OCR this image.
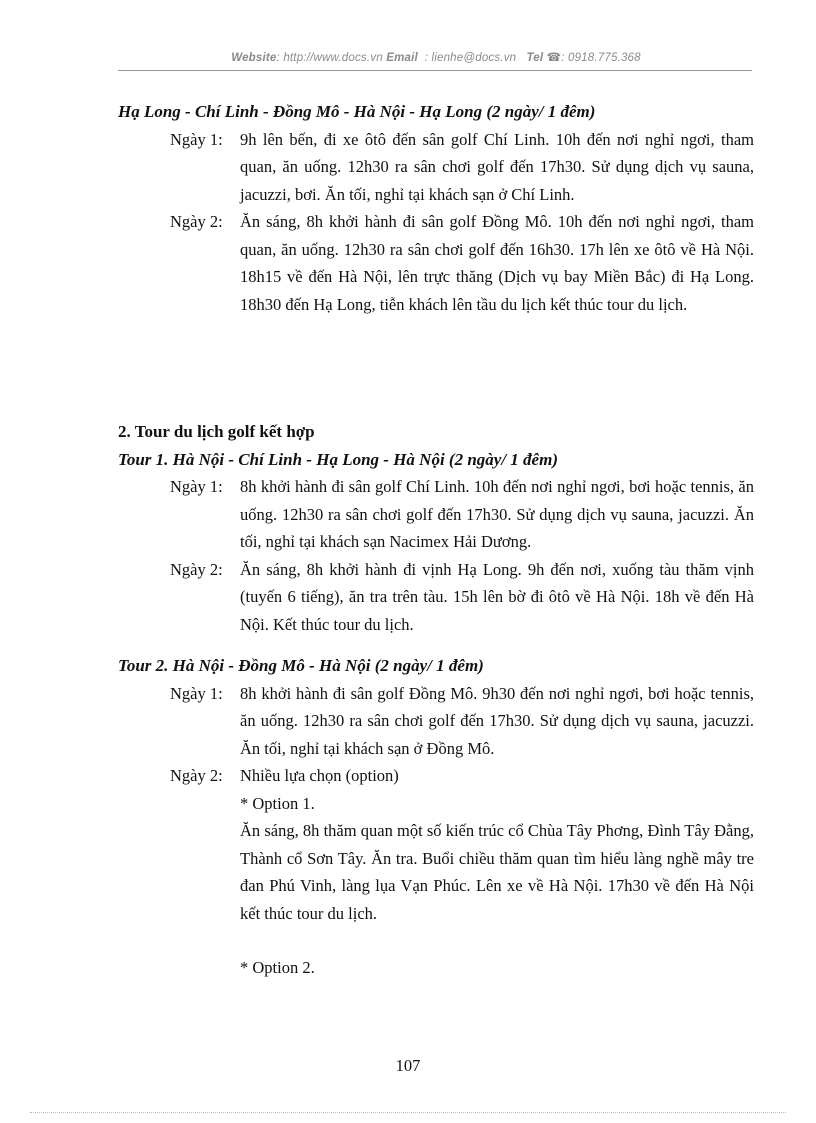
Website: http://www.docs.vn Email : lienhe@docs.vn Tel ☎: 0918.775.368

Hạ Long - Chí Linh - Đồng Mô - Hà Nội - Hạ Long (2 ngày/ 1 đêm)

Ngày 1: 9h lên bến, đi xe ôtô đến sân golf Chí Linh. 10h đến nơi nghỉ ngơi, tham quan, ăn uống. 12h30 ra sân chơi golf đến 17h30. Sử dụng dịch vụ sauna, jacuzzi, bơi. Ăn tối, nghỉ tại khách sạn ở Chí Linh.
Ngày 2: Ăn sáng, 8h khởi hành đi sân golf Đồng Mô. 10h đến nơi nghỉ ngơi, tham quan, ăn uống. 12h30 ra sân chơi golf đến 16h30. 17h lên xe ôtô về Hà Nội. 18h15 về đến Hà Nội, lên trực thăng (Dịch vụ bay Miền Bắc) đi Hạ Long. 18h30 đến Hạ Long, tiễn khách lên tầu du lịch kết thúc tour du lịch.

2. Tour du lịch golf kết hợp

Tour 1. Hà Nội - Chí Linh - Hạ Long - Hà Nội (2 ngày/ 1 đêm)

Ngày 1: 8h khởi hành đi sân golf Chí Linh. 10h đến nơi nghỉ ngơi, bơi hoặc tennis, ăn uống. 12h30 ra sân chơi golf đến 17h30. Sử dụng dịch vụ sauna, jacuzzi. Ăn tối, nghỉ tại khách sạn Nacimex Hải Dương.
Ngày 2: Ăn sáng, 8h khởi hành đi vịnh Hạ Long. 9h đến nơi, xuống tàu thăm vịnh (tuyến 6 tiếng), ăn tra trên tàu. 15h lên bờ đi ôtô về Hà Nội. 18h về đến Hà Nội. Kết thúc tour du lịch.

Tour 2. Hà Nội - Đồng Mô - Hà Nội (2 ngày/ 1 đêm)

Ngày 1: 8h khởi hành đi sân golf Đồng Mô. 9h30 đến nơi nghỉ ngơi, bơi hoặc tennis, ăn uống. 12h30 ra sân chơi golf đến 17h30. Sử dụng dịch vụ sauna, jacuzzi. Ăn tối, nghỉ tại khách sạn ở Đồng Mô.
Ngày 2: Nhiều lựa chọn (option)

* Option 1.

Ăn sáng, 8h thăm quan một số kiến trúc cổ Chùa Tây Phơng, Đình Tây Đằng, Thành cổ Sơn Tây. Ăn tra. Buổi chiều thăm quan tìm hiểu làng nghề mây tre đan Phú Vinh, làng lụa Vạn Phúc. Lên xe về Hà Nội. 17h30 về đến Hà Nội kết thúc tour du lịch.

* Option 2.

107
